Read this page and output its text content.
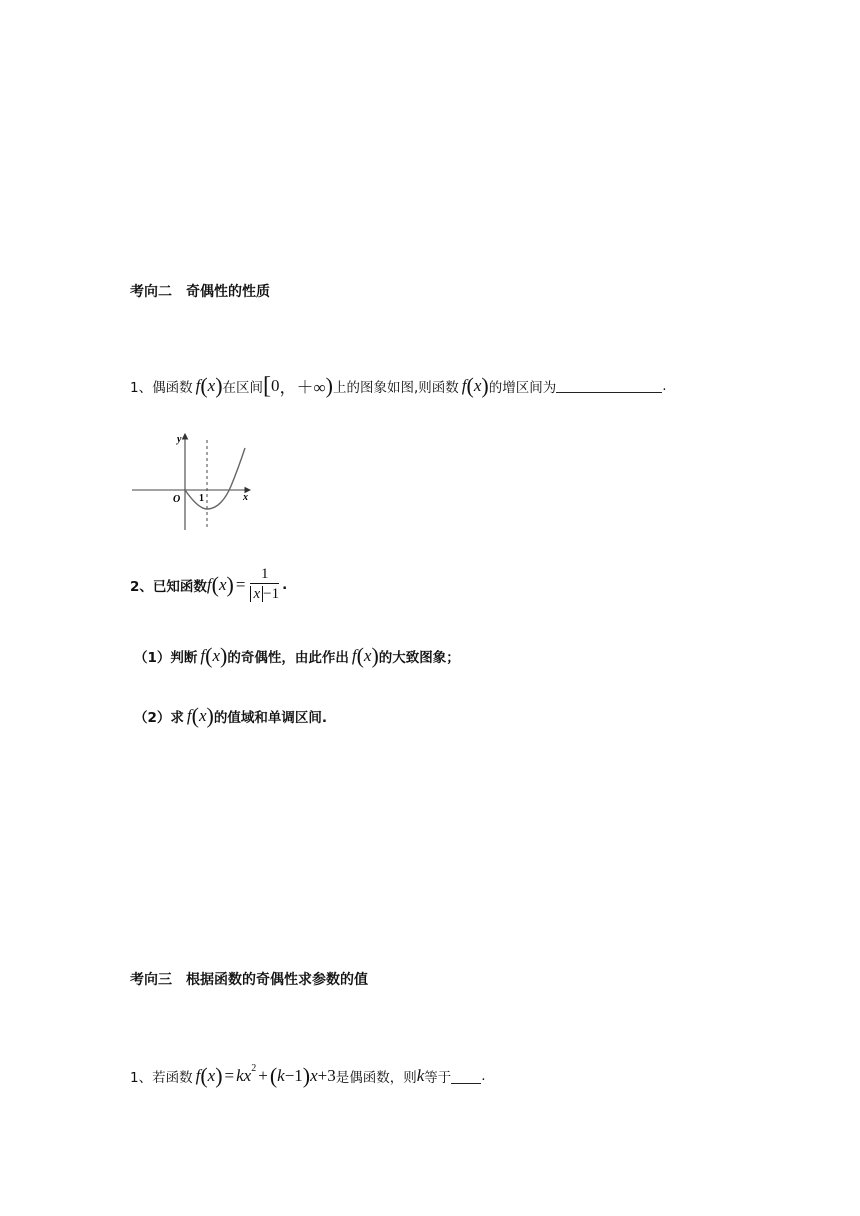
考向二　奇偶性的性质
1、 偶函数 f ( x ) 在区间 [ 0 ， ＋∞ ) 上的图象如图,则函数 f ( x ) 的增区间为	.
y
x
O 1
2、 已知函数 f ( x ) = $\frac{1}{x -1}$ .
（1） 判断 f ( x ) 的奇偶性，由此作出 f ( x ) 的大致图象；
（2） 求 f ( x ) 的值域和单调区间.
考向三　根据函数的奇偶性求参数的值
1、 若函数 f ( x ) = kx 2 + ( k −1 ) x +3 是偶函数，则 k 等于 .
